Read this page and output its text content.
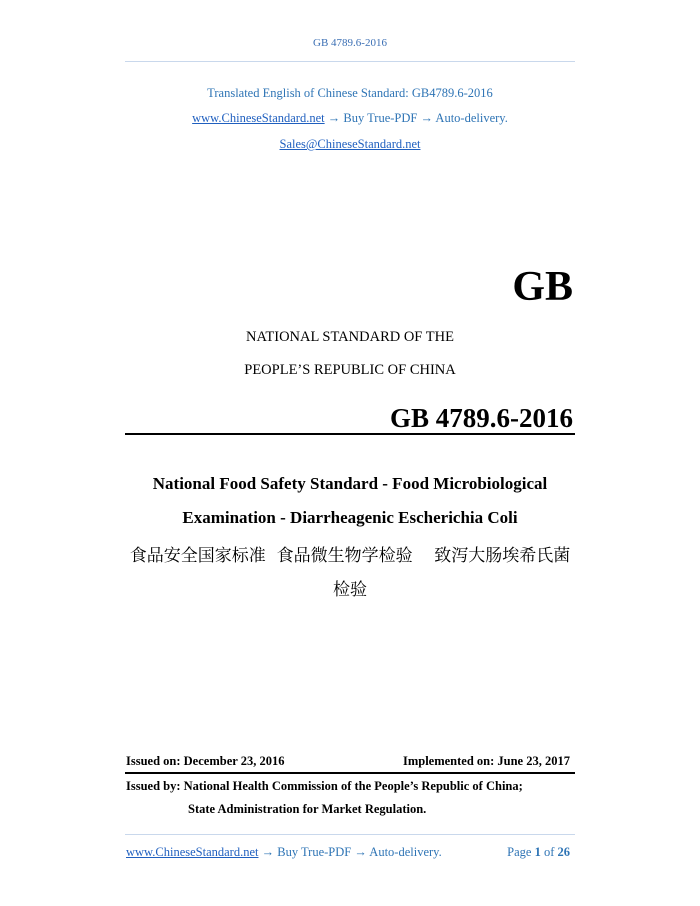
GB 4789.6-2016
Translated English of Chinese Standard: GB4789.6-2016
www.ChineseStandard.net → Buy True-PDF → Auto-delivery.
Sales@ChineseStandard.net
GB
NATIONAL STANDARD OF THE
PEOPLE’S REPUBLIC OF CHINA
GB 4789.6-2016
National Food Safety Standard - Food Microbiological
Examination - Diarrheagenic Escherichia Coli
食品安全国家标准  食品微生物学检验    致泻大肠埃希氏菌
检验
Issued on: December 23, 2016	Implemented on: June 23, 2017
Issued by: National Health Commission of the People’s Republic of China;
State Administration for Market Regulation.
www.ChineseStandard.net → Buy True-PDF → Auto-delivery.	Page 1 of 26
